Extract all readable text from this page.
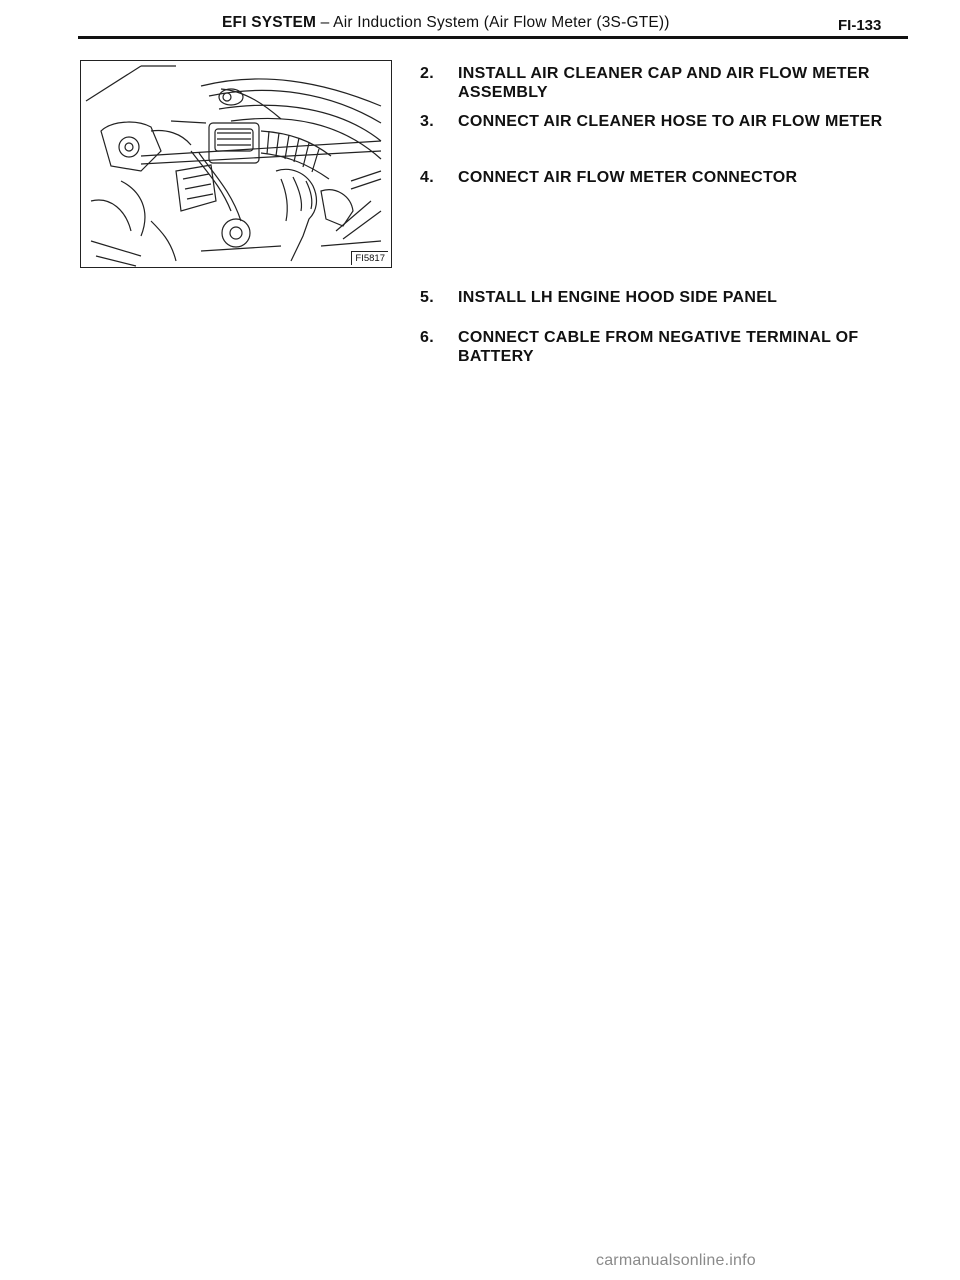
EFI SYSTEM – Air Induction System (Air Flow Meter (3S-GTE))	FI-133
FI5817
2.	INSTALL AIR CLEANER CAP AND AIR FLOW METER ASSEMBLY
3.	CONNECT AIR CLEANER HOSE TO AIR FLOW METER
4.	CONNECT AIR FLOW METER CONNECTOR
5.	INSTALL LH ENGINE HOOD SIDE PANEL
6.	CONNECT CABLE FROM NEGATIVE TERMINAL OF BATTERY
carmanualsonline.info
